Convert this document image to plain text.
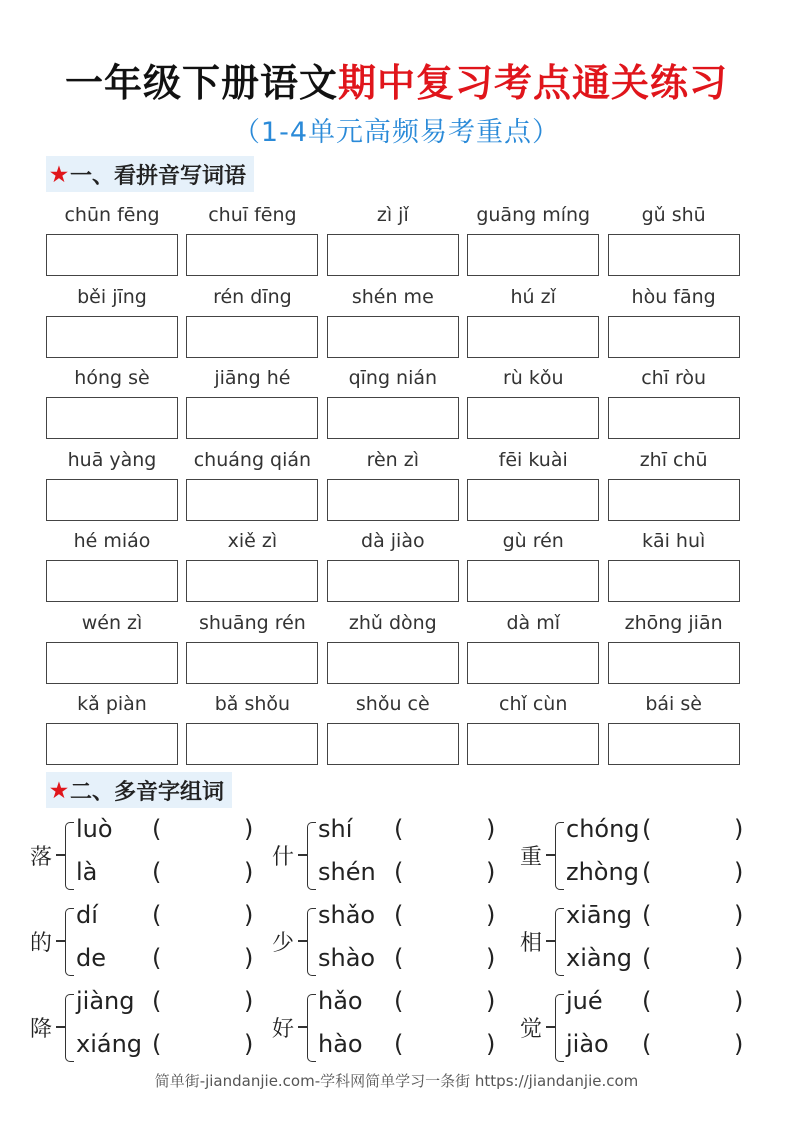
一年级下册语文期中复习考点通关练习
（1-4单元高频易考重点）
★ 一、看拼音写词语
chūn fēng	chuī fēng	zì jǐ	guāng míng	gǔ shū
běi jīng	rén dīng	shén me	hú zǐ	hòu fāng
hóng sè	jiāng hé	qīng nián	rù kǒu	chī ròu
huā yàng	chuáng qián	rèn zì	fēi kuài	zhī chū
hé miáo	xiě zì	dà jiào	gù rén	kāi huì
wén zì	shuāng rén	zhǔ dòng	dà mǐ	zhōng jiān
kǎ piàn	bǎ shǒu	shǒu cè	chǐ cùn	bái sè
★ 二、多音字组词
落
luò (	)
là (	)
什
shí (	)
shén (	)
重
chóng (	)
zhòng (	)
的
dí (	)
de (	)
少
shǎo (	)
shào (	)
相
xiāng (	)
xiàng (	)
降
jiàng (	)
xiáng (	)
好
hǎo (	)
hào (	)
觉
jué (	)
jiào (	)
简单街-jiandanjie.com-学科网简单学习一条街 https://jiandanjie.com
